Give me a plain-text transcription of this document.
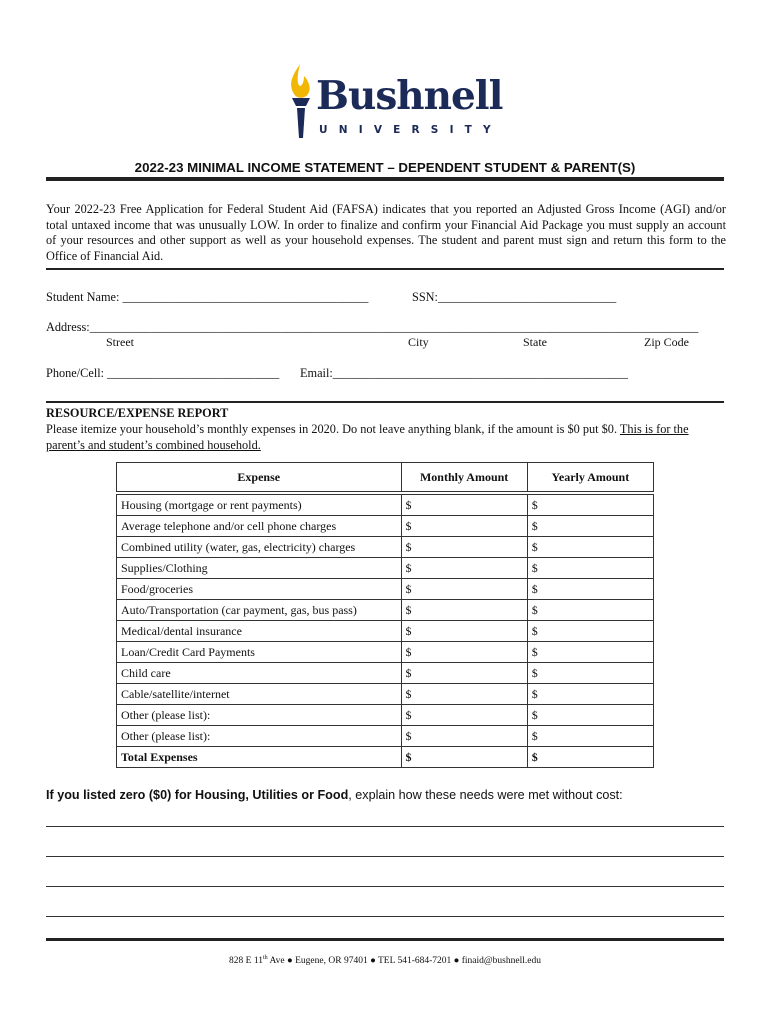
Bushnell
UNIVERSITY
2022-23 MINIMAL INCOME STATEMENT – DEPENDENT STUDENT & PARENT(S)
Your 2022-23 Free Application for Federal Student Aid (FAFSA) indicates that you reported an Adjusted Gross Income (AGI) and/or total untaxed income that was unusually LOW. In order to finalize and confirm your Financial Aid Package you must supply an account of your resources and other support as well as your household expenses. The student and parent must sign and return this form to the Office of Financial Aid.
Student Name: ________________________________________	SSN:_____________________________
Address:___________________________________________________________________________________________________
Street	City	State	Zip Code
Phone/Cell: ____________________________ Email:________________________________________________
RESOURCE/EXPENSE REPORT
Please itemize your household’s monthly expenses in 2020. Do not leave anything blank, if the amount is $0 put $0. This is for the parent’s and student’s combined household.
Expense	Monthly Amount	Yearly Amount
Housing (mortgage or rent payments)	$	$
Average telephone and/or cell phone charges	$	$
Combined utility (water, gas, electricity) charges	$	$
Supplies/Clothing	$	$
Food/groceries	$	$
Auto/Transportation (car payment, gas, bus pass)	$	$
Medical/dental insurance	$	$
Loan/Credit Card Payments	$	$
Child care	$	$
Cable/satellite/internet	$	$
Other (please list):	$	$
Other (please list):	$	$
Total Expenses	$	$
If you listed zero ($0) for Housing, Utilities or Food, explain how these needs were met without cost:
828 E 11th Ave ● Eugene, OR 97401 ● TEL 541-684-7201 ● finaid@bushnell.edu
